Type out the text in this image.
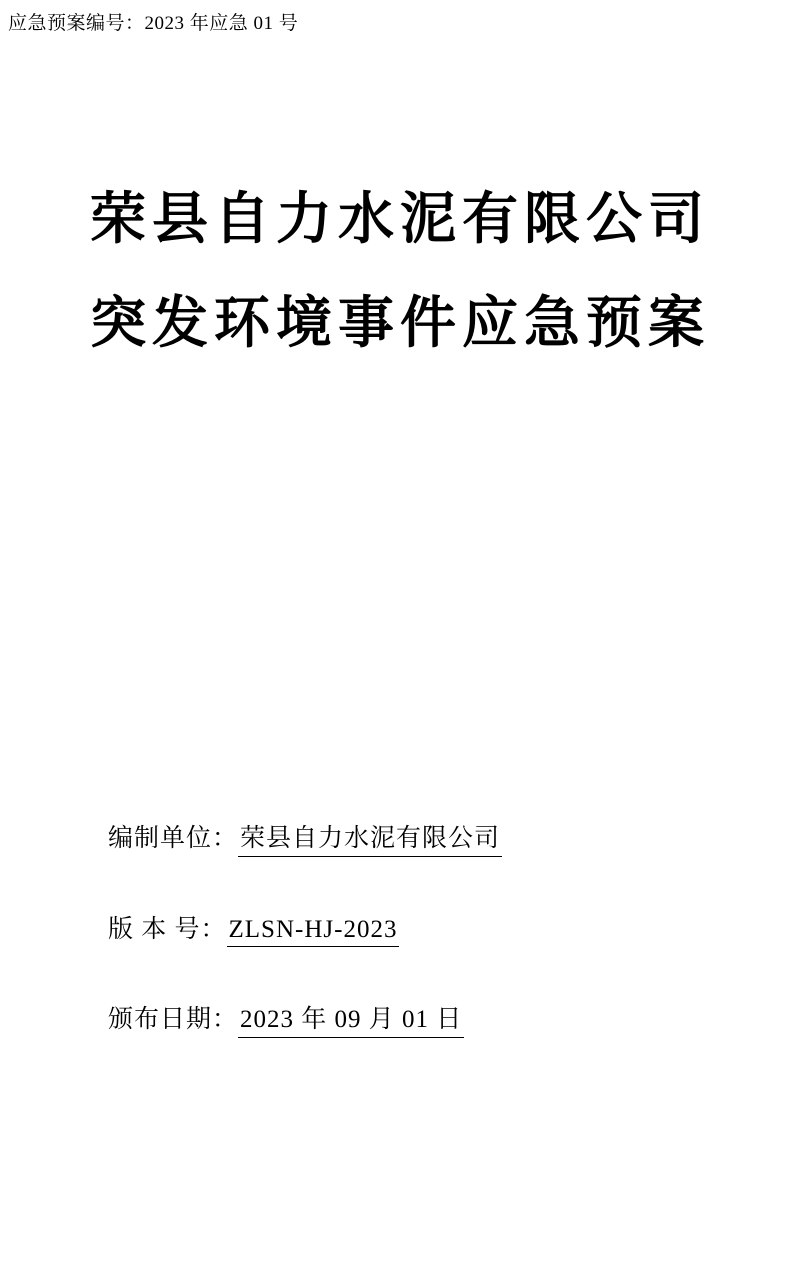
应急预案编号：2023 年应急 01 号
荣县自力水泥有限公司
突发环境事件应急预案
编制单位： 荣县自力水泥有限公司
版 本 号： ZLSN-HJ-2023
颁布日期： 2023 年 09 月 01 日
